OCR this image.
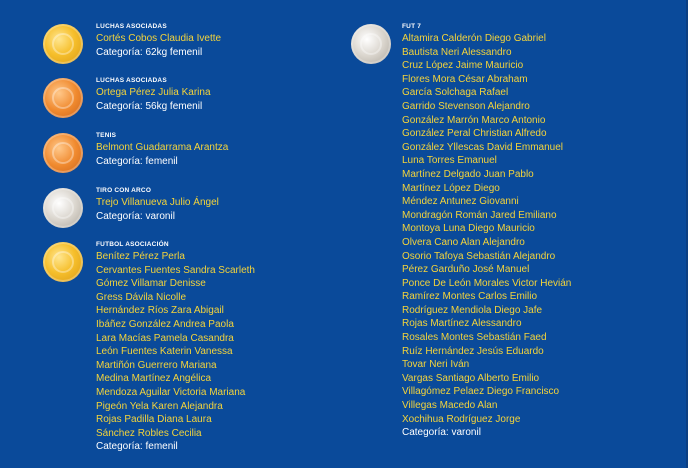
LUCHAS ASOCIADAS
Cortés Cobos Claudia Ivette
Categoría: 62kg femenil
LUCHAS ASOCIADAS
Ortega Pérez Julia Karina
Categoría: 56kg femenil
TENIS
Belmont Guadarrama Arantza
Categoría: femenil
TIRO CON ARCO
Trejo Villanueva Julio Ángel
Categoría: varonil
FUTBOL ASOCIACIÓN
Benítez Pérez Perla
Cervantes Fuentes Sandra Scarleth
Gómez Villamar Denisse
Gress Dávila Nicolle
Hernández Ríos Zara Abigail
Ibáñez González Andrea Paola
Lara Macías Pamela Casandra
León Fuentes Katerin Vanessa
Martiñón Guerrero Mariana
Medina Martínez Angélica
Mendoza Aguilar Victoria Mariana
Pigeón Yela Karen Alejandra
Rojas Padilla Diana Laura
Sánchez Robles Cecilia
Categoría: femenil
FUT 7
Altamira Calderón Diego Gabriel
Bautista Neri Alessandro
Cruz López Jaime Mauricio
Flores Mora César Abraham
García Solchaga Rafael
Garrido Stevenson Alejandro
González Marrón Marco Antonio
González Peral Christian Alfredo
González Yllescas David Emmanuel
Luna Torres Emanuel
Martínez Delgado Juan Pablo
Martínez López Diego
Méndez Antunez Giovanni
Mondragón Román Jared Emiliano
Montoya Luna Diego Mauricio
Olvera Cano Alan Alejandro
Osorio Tafoya Sebastián Alejandro
Pérez Garduño José Manuel
Ponce De León Morales Victor Hevián
Ramírez Montes Carlos Emilio
Rodríguez Mendiola Diego Jafe
Rojas Martínez Alessandro
Rosales Montes Sebastián Faed
Ruíz Hernández Jesús Eduardo
Tovar Neri Iván
Vargas Santiago Alberto Emilio
Villagómez Pelaez Diego Francisco
Villegas Macedo Alan
Xochihua Rodríguez Jorge
Categoría: varonil
